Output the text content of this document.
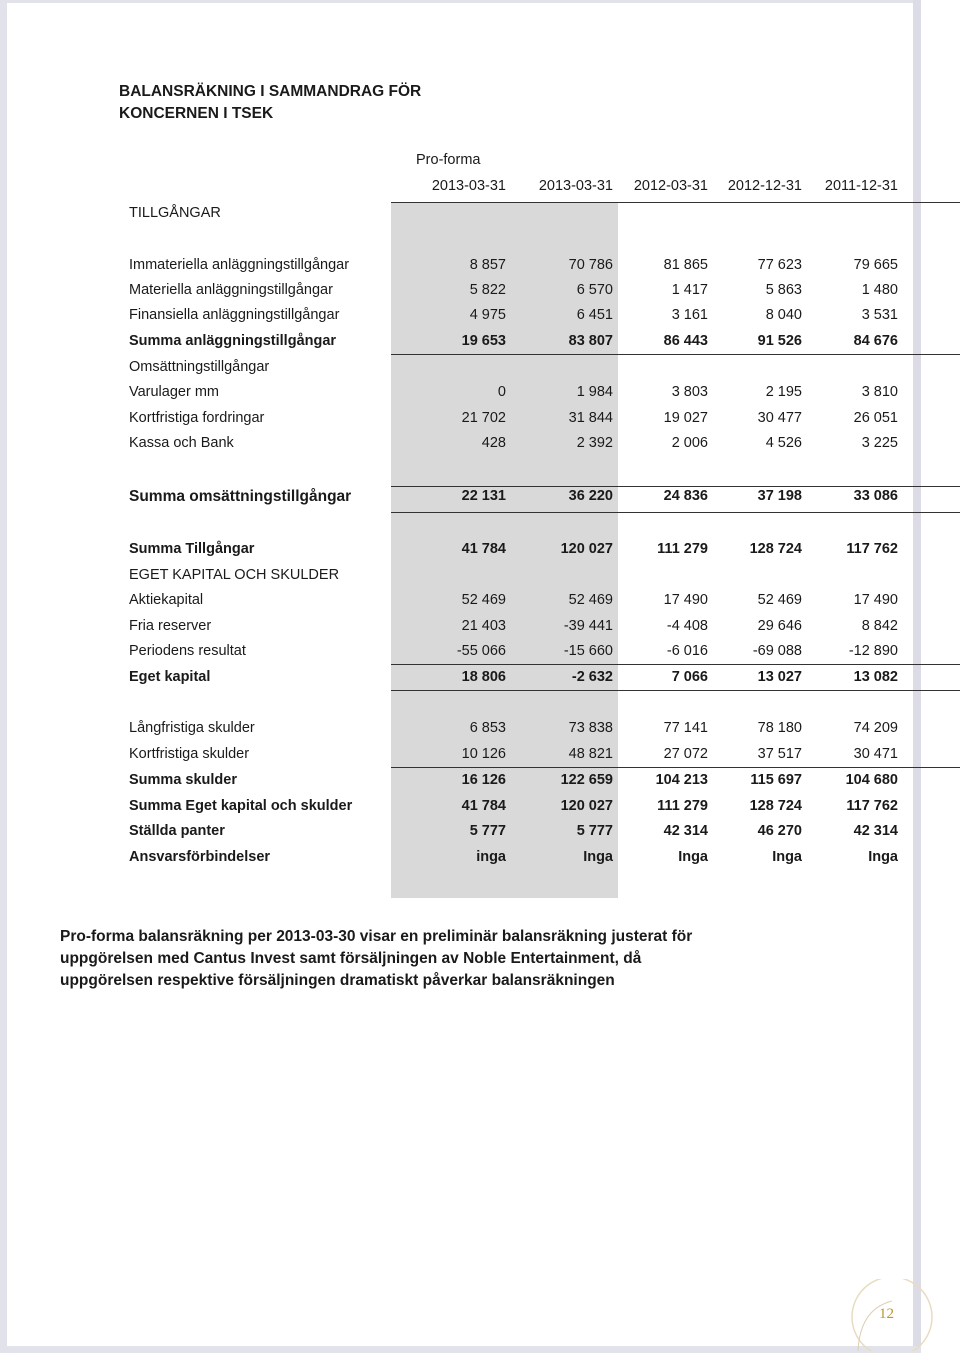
BALANSRÄKNING I SAMMANDRAG FÖR
KONCERNEN I TSEK
Pro-forma
2013-03-31 2013-03-31 2012-03-31 2012-12-31 2011-12-31
TILLGÅNGAR
Immateriella anläggningstillgångar	8 857	70 786	81 865	77 623	79 665
Materiella anläggningstillgångar	5 822	6 570	1 417	5 863	1 480
Finansiella anläggningstillgångar	4 975	6 451	3 161	8 040	3 531
Summa anläggningstillgångar	19 653	83 807	86 443	91 526	84 676
Omsättningstillgångar
Varulager mm	0	1 984	3 803	2 195	3 810
Kortfristiga fordringar	21 702	31 844	19 027	30 477	26 051
Kassa och Bank	428	2 392	2 006	4 526	3 225
Summa omsättningstillgångar	22 131	36 220	24 836	37 198	33 086
Summa Tillgångar	41 784	120 027	111 279	128 724	117 762
EGET KAPITAL OCH SKULDER
Aktiekapital	52 469	52 469	17 490	52 469	17 490
Fria reserver	21 403	-39 441	-4 408	29 646	8 842
Periodens resultat	-55 066	-15 660	-6 016	-69 088	-12 890
Eget kapital	18 806	-2 632	7 066	13 027	13 082
Långfristiga skulder	6 853	73 838	77 141	78 180	74 209
Kortfristiga skulder	10 126	48 821	27 072	37 517	30 471
Summa skulder	16 126	122 659	104 213	115 697	104 680
Summa Eget kapital och skulder	41 784	120 027	111 279	128 724	117 762
Ställda panter	5 777	5 777	42 314	46 270	42 314
Ansvarsförbindelser	inga	Inga	Inga	Inga	Inga
Pro-forma balansräkning per 2013-03-30 visar en preliminär balansräkning justerat för
uppgörelsen med Cantus Invest samt försäljningen av Noble Entertainment, då
uppgörelsen respektive försäljningen dramatiskt påverkar balansräkningen
12
